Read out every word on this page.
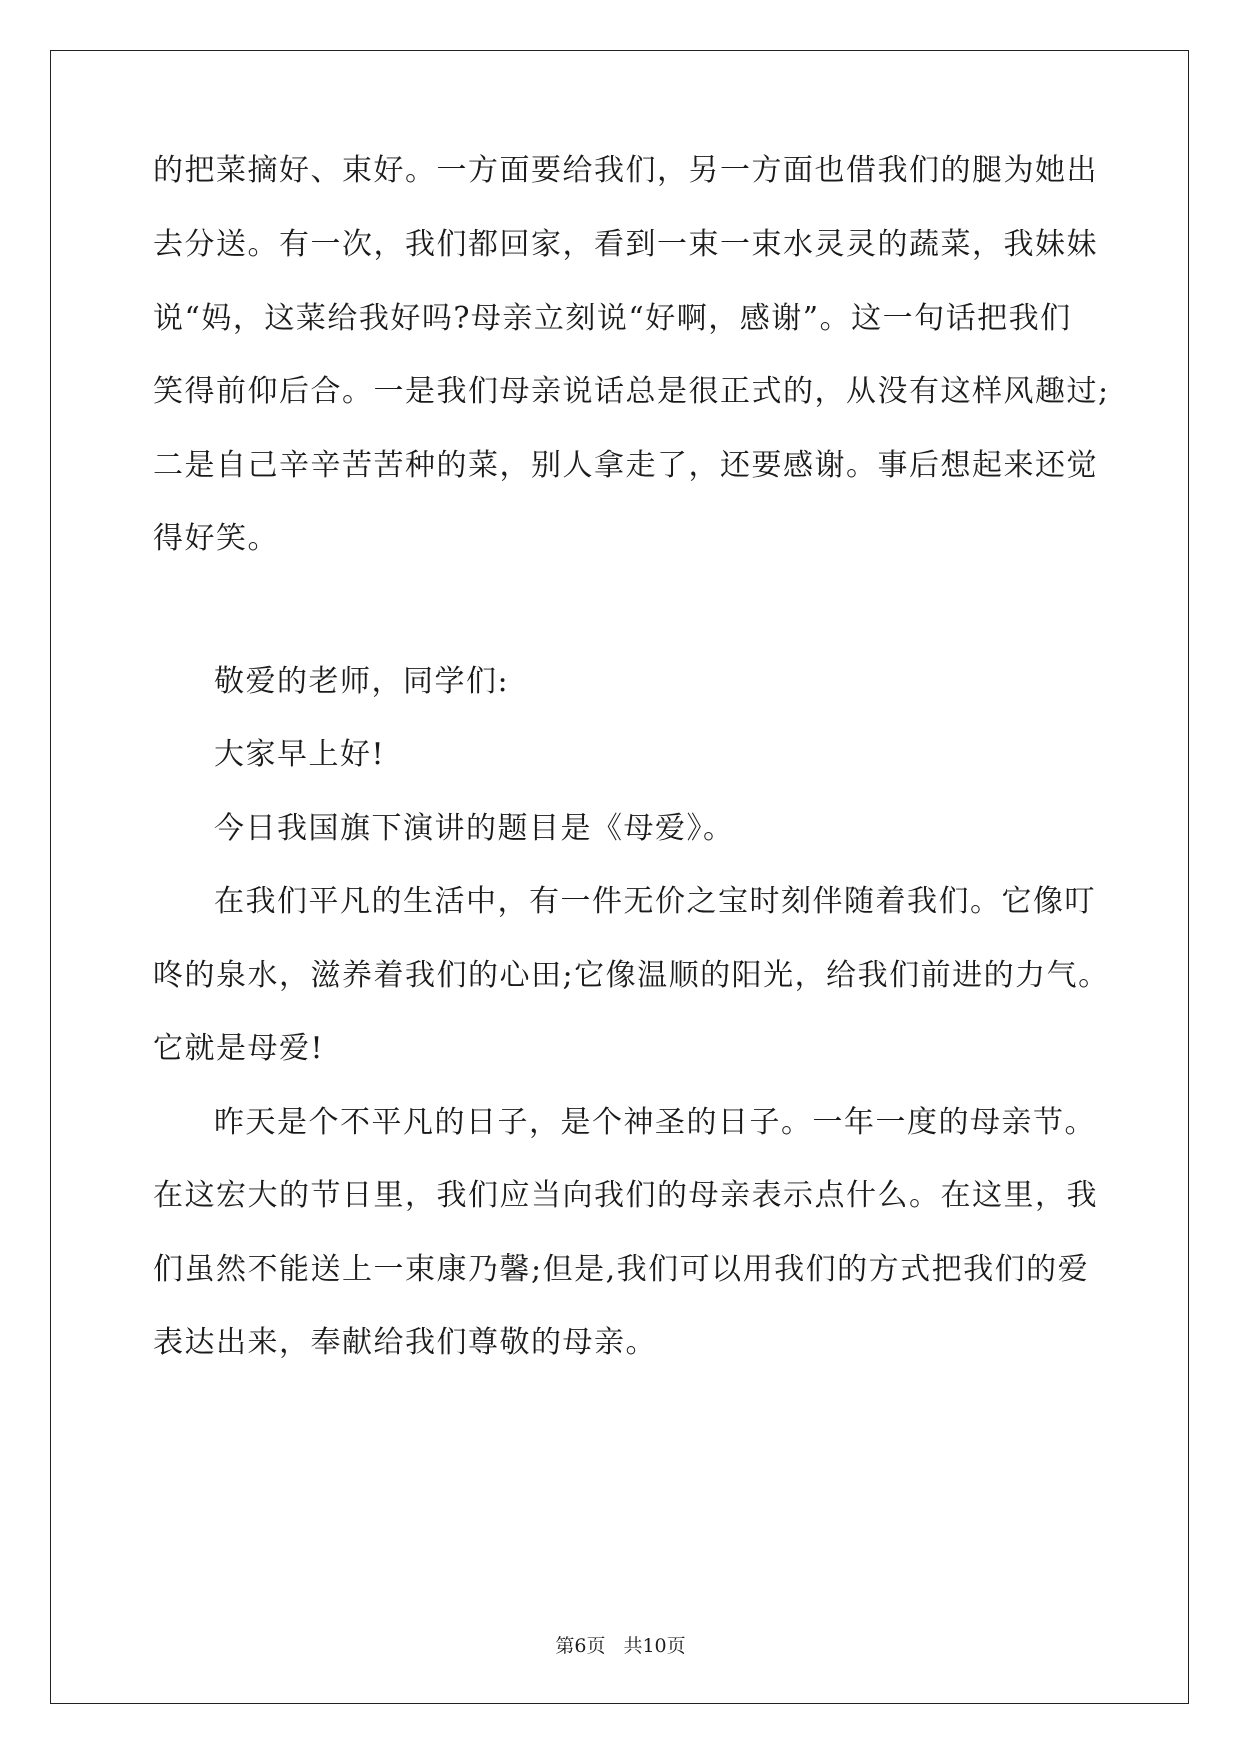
的把菜摘好、束好。一方面要给我们，另一方面也借我们的腿为她出
去分送。有一次，我们都回家，看到一束一束水灵灵的蔬菜，我妹妹
说“妈，这菜给我好吗?母亲立刻说“好啊，感谢”。这一句话把我们
笑得前仰后合。一是我们母亲说话总是很正式的，从没有这样风趣过;
二是自己辛辛苦苦种的菜，别人拿走了，还要感谢。事后想起来还觉
得好笑。
敬爱的老师，同学们:
大家早上好!
今日我国旗下演讲的题目是《母爱》。
在我们平凡的生活中，有一件无价之宝时刻伴随着我们。它像叮
咚的泉水，滋养着我们的心田;它像温顺的阳光，给我们前进的力气。
它就是母爱!
昨天是个不平凡的日子，是个神圣的日子。一年一度的母亲节。
在这宏大的节日里，我们应当向我们的母亲表示点什么。在这里，我
们虽然不能送上一束康乃馨;但是,我们可以用我们的方式把我们的爱
表达出来，奉献给我们尊敬的母亲。
第6页 共10页
